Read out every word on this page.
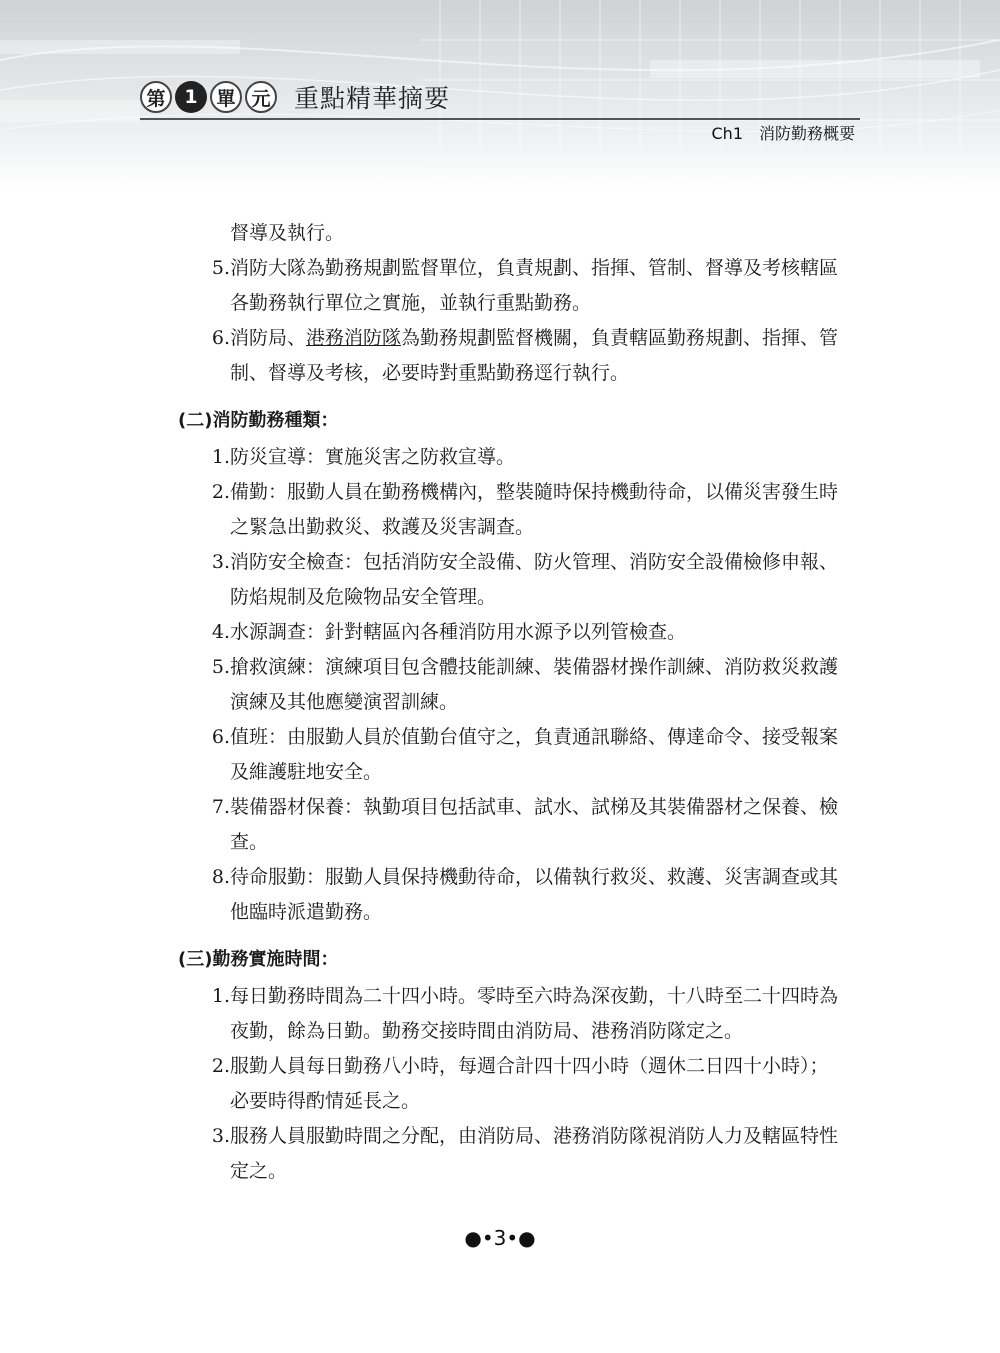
第 1 單 元 重點精華摘要
Ch1　消防勤務概要
督導及執行。
5. 消防大隊為勤務規劃監督單位，負責規劃、指揮、管制、督導及考核轄區
各勤務執行單位之實施，並執行重點勤務。
6. 消防局、港務消防隊為勤務規劃監督機關，負責轄區勤務規劃、指揮、管
制、督導及考核，必要時對重點勤務逕行執行。
(二)消防勤務種類：
1. 防災宣導：實施災害之防救宣導。
2. 備勤：服勤人員在勤務機構內，整裝隨時保持機動待命，以備災害發生時
之緊急出勤救災、救護及災害調查。
3. 消防安全檢查：包括消防安全設備、防火管理、消防安全設備檢修申報、
防焰規制及危險物品安全管理。
4. 水源調查：針對轄區內各種消防用水源予以列管檢查。
5. 搶救演練：演練項目包含體技能訓練、裝備器材操作訓練、消防救災救護
演練及其他應變演習訓練。
6. 值班：由服勤人員於值勤台值守之，負責通訊聯絡、傳達命令、接受報案
及維護駐地安全。
7. 裝備器材保養：執勤項目包括試車、試水、試梯及其裝備器材之保養、檢
查。
8. 待命服勤：服勤人員保持機動待命，以備執行救災、救護、災害調查或其
他臨時派遣勤務。
(三)勤務實施時間：
1. 每日勤務時間為二十四小時。零時至六時為深夜勤，十八時至二十四時為
夜勤，餘為日勤。勤務交接時間由消防局、港務消防隊定之。
2. 服勤人員每日勤務八小時，每週合計四十四小時（週休二日四十小時）；
必要時得酌情延長之。
3. 服務人員服勤時間之分配，由消防局、港務消防隊視消防人力及轄區特性
定之。
●•3•●
